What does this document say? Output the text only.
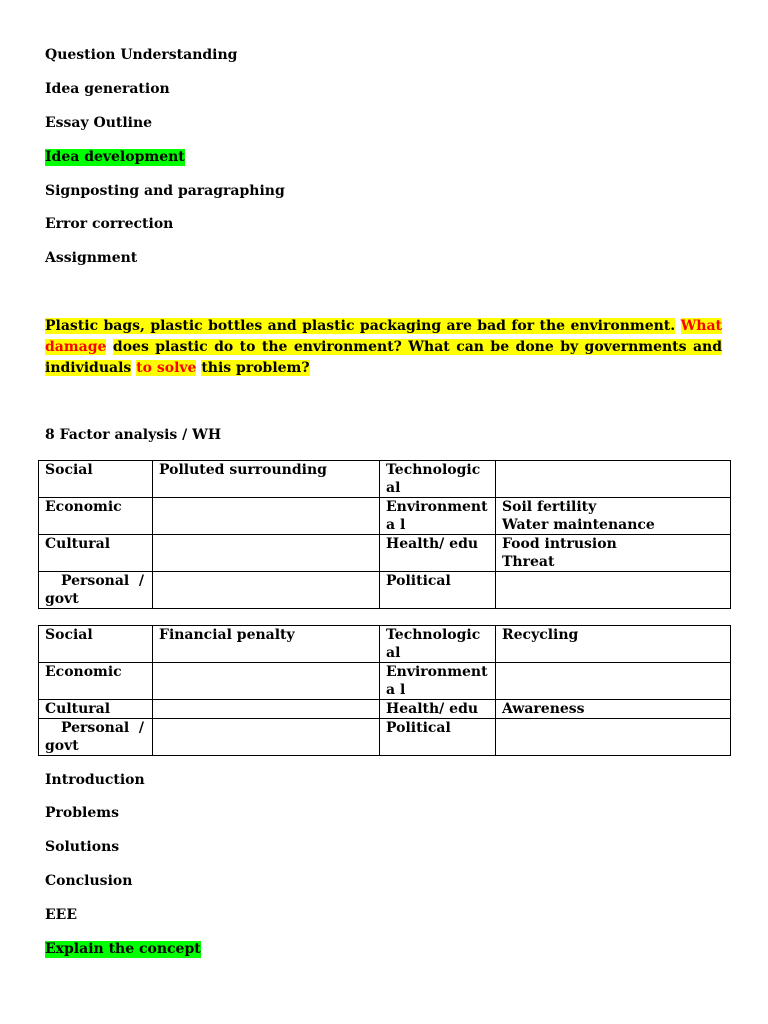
Question Understanding
Idea generation
Essay Outline
Idea development
Signposting and paragraphing
Error correction
Assignment
Plastic bags, plastic bottles and plastic packaging are bad for the environment. What damage does plastic do to the environment? What can be done by governments and individuals to solve this problem?
8 Factor analysis / WH
Social	Polluted surrounding	Technological	
Economic		Environmenta l	Soil fertility
Water maintenance

Cultural		Health/ edu	Food intrusion
Threat

Personal /
govt		Political	
Social	Financial penalty	Technological	Recycling
Economic		Environmenta l	
Cultural		Health/ edu	Awareness

Personal /
govt		Political	
Introduction
Problems
Solutions
Conclusion
EEE
Explain the concept
